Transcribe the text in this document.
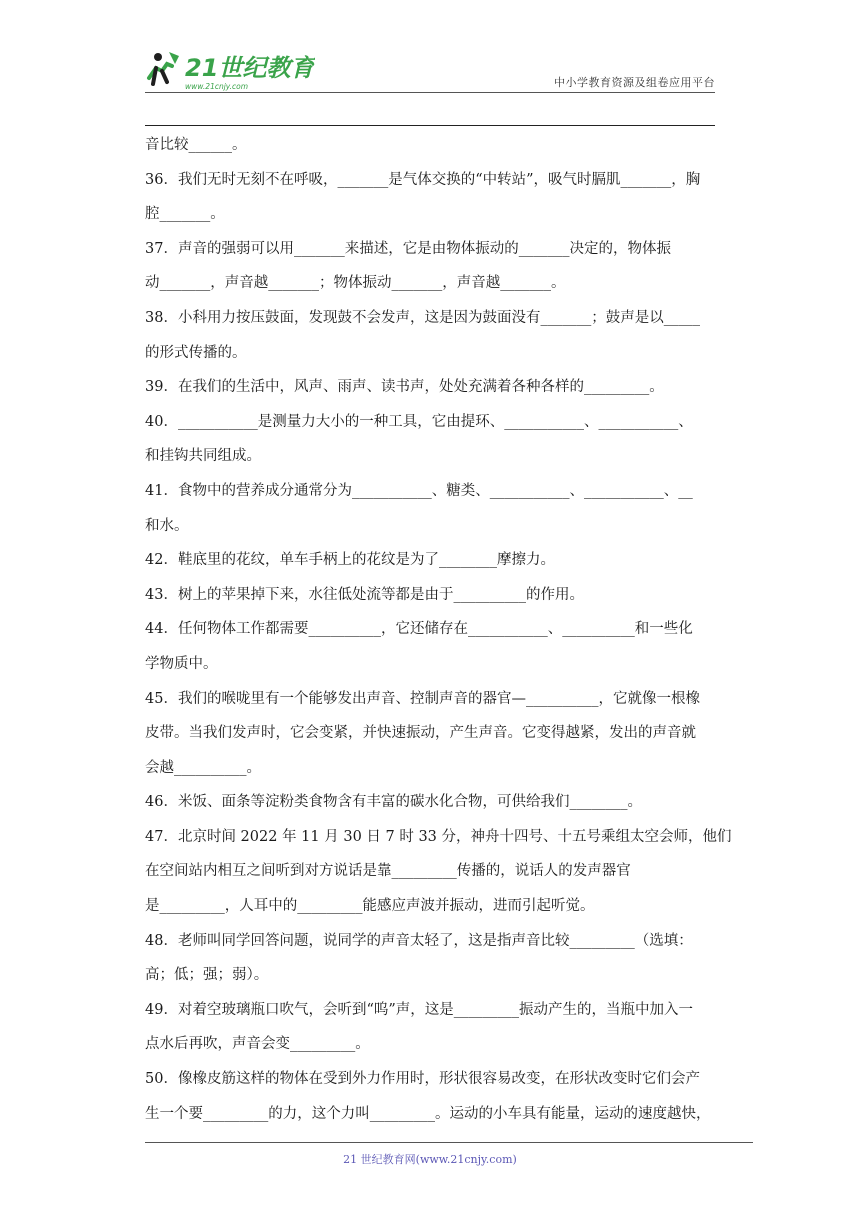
21世纪教育
www.21cnjy.com	中小学教育资源及组卷应用平台
音比较______。
36．我们无时无刻不在呼吸，_______是气体交换的“中转站”，吸气时膈肌_______，胸
腔_______。
37．声音的强弱可以用_______来描述，它是由物体振动的_______决定的，物体振
动_______，声音越_______；物体振动_______，声音越_______。
38．小科用力按压鼓面，发现鼓不会发声，这是因为鼓面没有_______；鼓声是以_____
的形式传播的。
39．在我们的生活中，风声、雨声、读书声，处处充满着各种各样的_________。
40．___________是测量力大小的一种工具，它由提环、___________、___________、
和挂钩共同组成。
41．食物中的营养成分通常分为___________、糖类、___________、___________、__
和水。
42．鞋底里的花纹，单车手柄上的花纹是为了________摩擦力。
43．树上的苹果掉下来，水往低处流等都是由于__________的作用。
44．任何物体工作都需要__________，它还储存在___________、__________和一些化
学物质中。
45．我们的喉咙里有一个能够发出声音、控制声音的器官—__________，它就像一根橡
皮带。当我们发声时，它会变紧，并快速振动，产生声音。它变得越紧，发出的声音就
会越__________。
46．米饭、面条等淀粉类食物含有丰富的碳水化合物，可供给我们________。
47．北京时间 2022 年 11 月 30 日 7 时 33 分，神舟十四号、十五号乘组太空会师，他们
在空间站内相互之间听到对方说话是靠_________传播的，说话人的发声器官
是_________，人耳中的_________能感应声波并振动，进而引起听觉。
48．老师叫同学回答问题，说同学的声音太轻了，这是指声音比较_________（选填：
高；低；强；弱）。
49．对着空玻璃瓶口吹气，会听到“呜”声，这是_________振动产生的，当瓶中加入一
点水后再吹，声音会变_________。
50．像橡皮筋这样的物体在受到外力作用时，形状很容易改变，在形状改变时它们会产
生一个要_________的力，这个力叫_________。运动的小车具有能量，运动的速度越快，
21 世纪教育网(www.21cnjy.com)
